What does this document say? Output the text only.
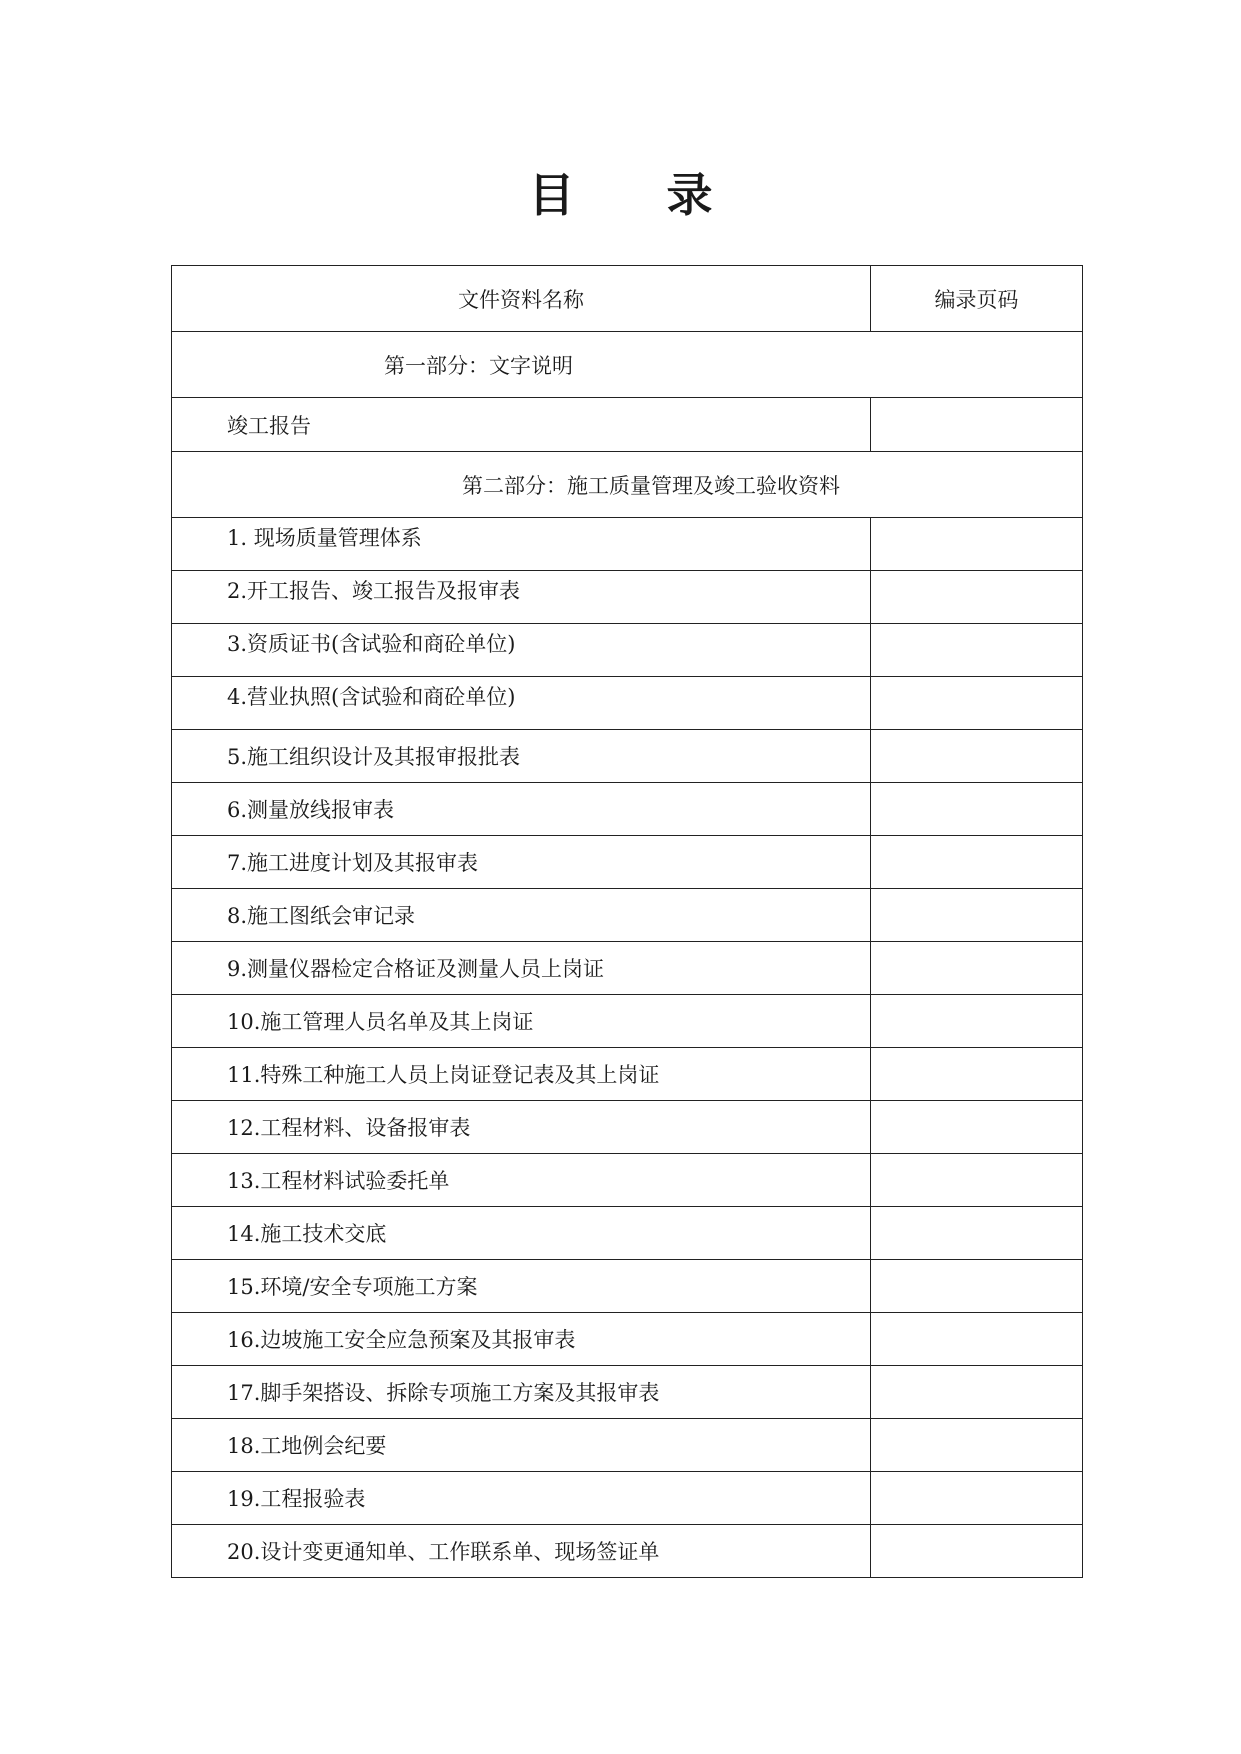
目 录
文件资料名称	编录页码
第一部分：文字说明	
竣工报告	
第二部分：施工质量管理及竣工验收资料	
1. 现场质量管理体系	
2.开工报告、竣工报告及报审表	
3.资质证书(含试验和商砼单位)	
4.营业执照(含试验和商砼单位)	
5.施工组织设计及其报审报批表	
6.测量放线报审表	
7.施工进度计划及其报审表	
8.施工图纸会审记录	
9.测量仪器检定合格证及测量人员上岗证	
10.施工管理人员名单及其上岗证	
11.特殊工种施工人员上岗证登记表及其上岗证	
12.工程材料、设备报审表	
13.工程材料试验委托单	
14.施工技术交底	
15.环境/安全专项施工方案	
16.边坡施工安全应急预案及其报审表	
17.脚手架搭设、拆除专项施工方案及其报审表	
18.工地例会纪要	
19.工程报验表	
20.设计变更通知单、工作联系单、现场签证单	
